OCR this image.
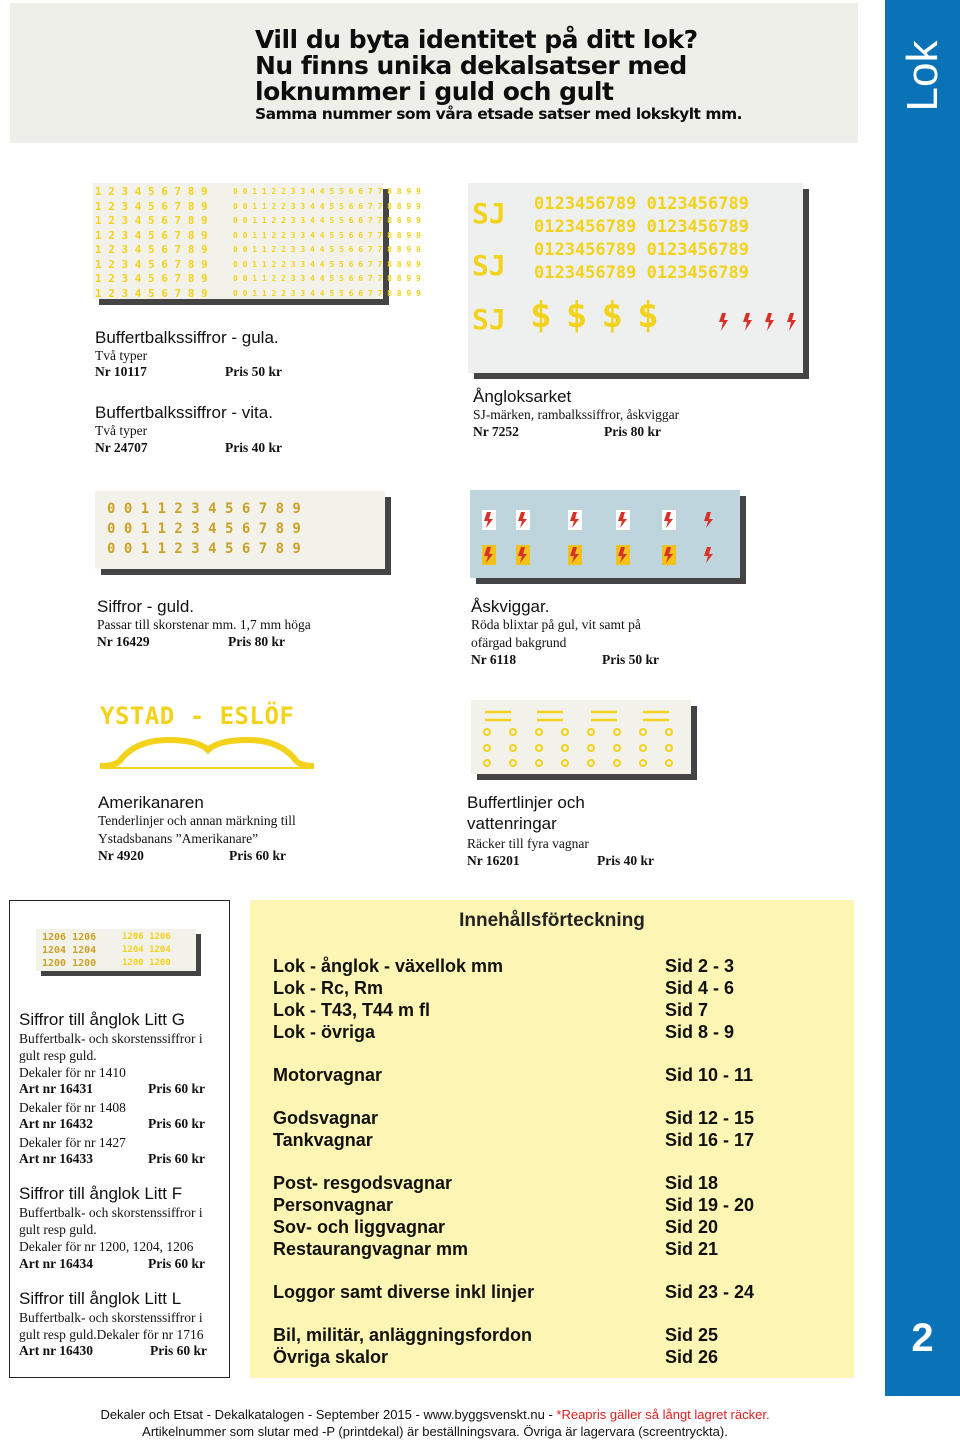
Vill du byta identitet på ditt lok?
Nu finns unika dekalsatser med
loknummer i guld och gult
Samma nummer som våra etsade satser med lokskylt mm.
Lok
2
1 2 3 4 5 6 7 8 9
1 2 3 4 5 6 7 8 9
1 2 3 4 5 6 7 8 9
1 2 3 4 5 6 7 8 9
1 2 3 4 5 6 7 8 9
1 2 3 4 5 6 7 8 9
1 2 3 4 5 6 7 8 9
1 2 3 4 5 6 7 8 9
0 0 1 1 2 2 3 3 4 4 5 5 6 6 7 7 8 8 9 9
0 0 1 1 2 2 3 3 4 4 5 5 6 6 7 7 8 8 9 9
0 0 1 1 2 2 3 3 4 4 5 5 6 6 7 7 8 8 9 9
0 0 1 1 2 2 3 3 4 4 5 5 6 6 7 7 8 8 9 9
0 0 1 1 2 2 3 3 4 4 5 5 6 6 7 7 8 8 9 9
0 0 1 1 2 2 3 3 4 4 5 5 6 6 7 7 8 8 9 9
0 0 1 1 2 2 3 3 4 4 5 5 6 6 7 7 8 8 9 9
0 0 1 1 2 2 3 3 4 4 5 5 6 6 7 7 8 8 9 9
Buffertbalkssiffror - gula.
Två typer
Nr 10117	Pris 50 kr
Buffertbalkssiffror - vita.
Två typer
Nr 24707	Pris 40 kr
SJ
SJ
SJ
0123456789 0123456789
0123456789 0123456789
0123456789 0123456789
0123456789 0123456789
$$$$
Ångloksarket
SJ-märken, rambalkssiffror, åskviggar
Nr 7252	Pris 80 kr
0 0 1 1 2 3 4 5 6 7 8 9
0 0 1 1 2 3 4 5 6 7 8 9
0 0 1 1 2 3 4 5 6 7 8 9
Siffror - guld.
Passar till skorstenar mm. 1,7 mm höga
Nr 16429	Pris 80 kr
Åskviggar.
Röda blixtar på gul, vit samt på
ofärgad bakgrund
Nr 6118	Pris 50 kr
YSTAD - ESLÖF
Amerikanaren
Tenderlinjer och annan märkning till
Ystadsbanans ”Amerikanare”
Nr 4920	Pris 60 kr
Buffertlinjer och
vattenringar
Räcker till fyra vagnar
Nr 16201	Pris 40 kr
1206 1206
1204 1204
1200 1200
1206 1206
1204 1204
1200 1200
Siffror till ånglok Litt G
Buffertbalk- och skorstenssiffror i
gult resp guld.
Dekaler för nr 1410
Art nr 16431	Pris 60 kr
Dekaler för nr 1408
Art nr 16432	Pris 60 kr
Dekaler för nr 1427
Art nr 16433	Pris 60 kr
Siffror till ånglok Litt F
Buffertbalk- och skorstenssiffror i
gult resp guld.
Dekaler för nr 1200, 1204, 1206
Art nr 16434	Pris 60 kr
Siffror till ånglok Litt L
Buffertbalk- och skorstenssiffror i
gult resp guld.Dekaler för nr 1716
Art nr 16430	Pris 60 kr
Innehållsförteckning
Lok - ånglok - växellok mm	Sid 2 - 3
Lok - Rc, Rm	Sid 4 - 6
Lok - T43, T44 m fl	Sid 7
Lok - övriga	Sid 8 - 9
Motorvagnar	Sid 10 - 11
Godsvagnar	Sid 12 - 15
Tankvagnar	Sid 16 - 17
Post- resgodsvagnar	Sid 18
Personvagnar	Sid 19 - 20
Sov- och liggvagnar	Sid 20
Restaurangvagnar mm	Sid 21
Loggor samt diverse inkl linjer	Sid 23 - 24
Bil, militär, anläggningsfordon	Sid 25
Övriga skalor	Sid 26
Dekaler och Etsat - Dekalkatalogen - September 2015 - www.byggsvenskt.nu - *Reapris gäller så långt lagret räcker.
Artikelnummer som slutar med -P (printdekal) är beställningsvara. Övriga är lagervara (screentryckta).
